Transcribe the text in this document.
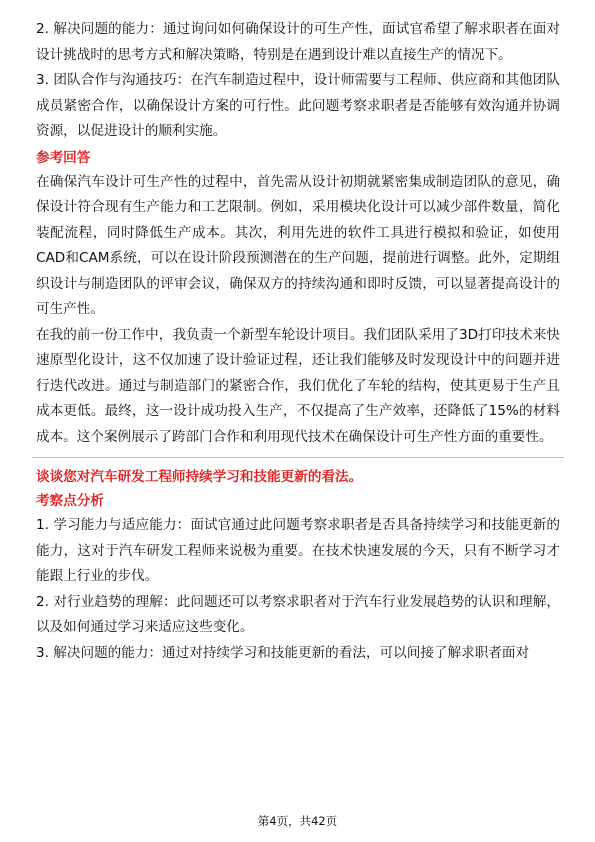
2. 解决问题的能力：通过询问如何确保设计的可生产性，面试官希望了解求职者在面对设计挑战时的思考方式和解决策略，特别是在遇到设计难以直接生产的情况下。

3. 团队合作与沟通技巧：在汽车制造过程中，设计师需要与工程师、供应商和其他团队成员紧密合作，以确保设计方案的可行性。此问题考察求职者是否能够有效沟通并协调资源，以促进设计的顺利实施。

参考回答

在确保汽车设计可生产性的过程中，首先需从设计初期就紧密集成制造团队的意见，确保设计符合现有生产能力和工艺限制。例如，采用模块化设计可以减少部件数量，简化装配流程，同时降低生产成本。其次，利用先进的软件工具进行模拟和验证，如使用CAD和CAM系统，可以在设计阶段预测潜在的生产问题，提前进行调整。此外，定期组织设计与制造团队的评审会议，确保双方的持续沟通和即时反馈，可以显著提高设计的可生产性。

在我的前一份工作中，我负责一个新型车轮设计项目。我们团队采用了3D打印技术来快速原型化设计，这不仅加速了设计验证过程，还让我们能够及时发现设计中的问题并进行迭代改进。通过与制造部门的紧密合作，我们优化了车轮的结构，使其更易于生产且成本更低。最终，这一设计成功投入生产，不仅提高了生产效率，还降低了15%的材料成本。这个案例展示了跨部门合作和利用现代技术在确保设计可生产性方面的重要性。

谈谈您对汽车研发工程师持续学习和技能更新的看法。
考察点分析

1. 学习能力与适应能力：面试官通过此问题考察求职者是否具备持续学习和技能更新的能力，这对于汽车研发工程师来说极为重要。在技术快速发展的今天，只有不断学习才能跟上行业的步伐。

2. 对行业趋势的理解：此问题还可以考察求职者对于汽车行业发展趋势的认识和理解，以及如何通过学习来适应这些变化。

3. 解决问题的能力：通过对持续学习和技能更新的看法，可以间接了解求职者面对

第4页，共42页
